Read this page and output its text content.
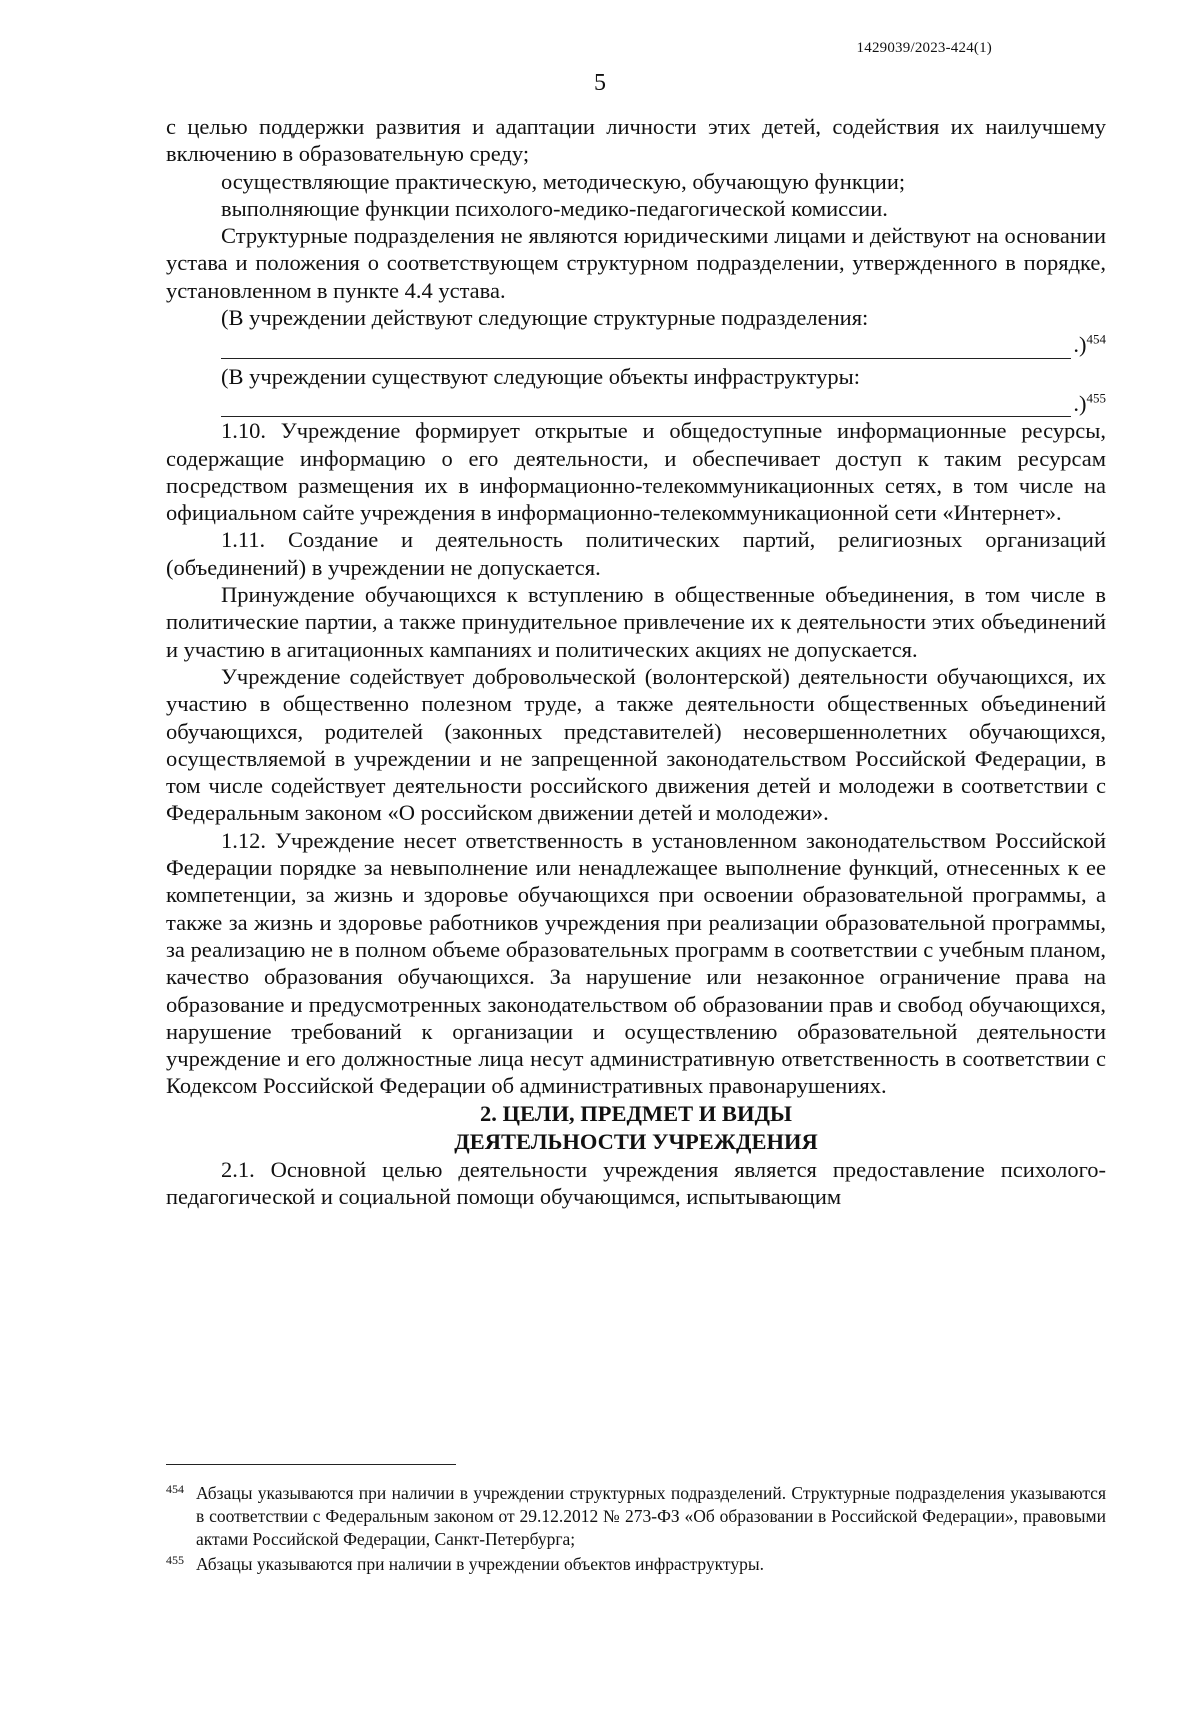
1429039/2023-424(1)
5

с целью поддержки развития и адаптации личности этих детей, содействия их наилучшему включению в образовательную среду;

осуществляющие практическую, методическую, обучающую функции;

выполняющие функции психолого-медико-педагогической комиссии.

Структурные подразделения не являются юридическими лицами и действуют на основании устава и положения о соответствующем структурном подразделении, утвержденного в порядке, установленном в пункте 4.4 устава.

(В учреждении действуют следующие структурные подразделения:

.)$^{454}$

(В учреждении существуют следующие объекты инфраструктуры:

.)$^{455}$

1.10. Учреждение формирует открытые и общедоступные информационные ресурсы, содержащие информацию о его деятельности, и обеспечивает доступ к таким ресурсам посредством размещения их в информационно-телекоммуникационных сетях, в том числе на официальном сайте учреждения в информационно-телекоммуникационной сети «Интернет».

1.11. Создание и деятельность политических партий, религиозных организаций (объединений) в учреждении не допускается.

Принуждение обучающихся к вступлению в общественные объединения, в том числе в политические партии, а также принудительное привлечение их к деятельности этих объединений и участию в агитационных кампаниях и политических акциях не допускается.

Учреждение содействует добровольческой (волонтерской) деятельности обучающихся, их участию в общественно полезном труде, а также деятельности общественных объединений обучающихся, родителей (законных представителей) несовершеннолетних обучающихся, осуществляемой в учреждении и не запрещенной законодательством Российской Федерации, в том числе содействует деятельности российского движения детей и молодежи в соответствии с Федеральным законом «О российском движении детей и молодежи».

1.12. Учреждение несет ответственность в установленном законодательством Российской Федерации порядке за невыполнение или ненадлежащее выполнение функций, отнесенных к ее компетенции, за жизнь и здоровье обучающихся при освоении образовательной программы, а также за жизнь и здоровье работников учреждения при реализации образовательной программы, за реализацию не в полном объеме образовательных программ в соответствии с учебным планом, качество образования обучающихся. За нарушение или незаконное ограничение права на образование и предусмотренных законодательством об образовании прав и свобод обучающихся, нарушение требований к организации и осуществлению образовательной деятельности учреждение и его должностные лица несут административную ответственность в соответствии с Кодексом Российской Федерации об административных правонарушениях.

2. ЦЕЛИ, ПРЕДМЕТ И ВИДЫ
ДЕЯТЕЛЬНОСТИ УЧРЕЖДЕНИЯ

2.1. Основной целью деятельности учреждения является предоставление психолого-педагогической и социальной помощи обучающимся, испытывающим

454 Абзацы указываются при наличии в учреждении структурных подразделений. Структурные подразделения указываются в соответствии с Федеральным законом от 29.12.2012 № 273-ФЗ «Об образовании в Российской Федерации», правовыми актами Российской Федерации, Санкт-Петербурга;

455 Абзацы указываются при наличии в учреждении объектов инфраструктуры.
